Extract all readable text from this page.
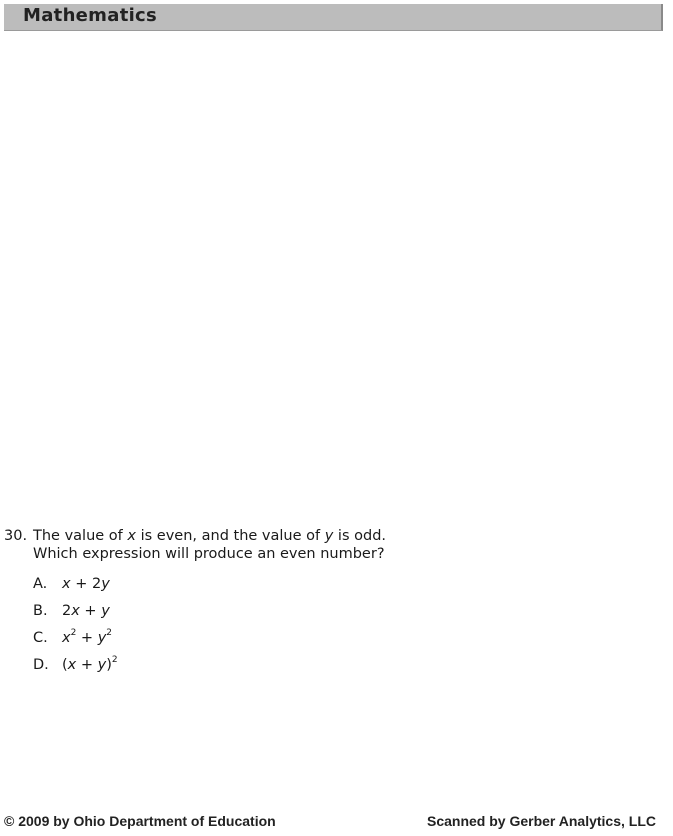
Mathematics
30. The value of x is even, and the value of y is odd.
Which expression will produce an even number?
A. x + 2y
B. 2x + y
C. $x^2 + y^2$
D. $(x + y)^2$
© 2009 by Ohio Department of Education	Scanned by Gerber Analytics, LLC
